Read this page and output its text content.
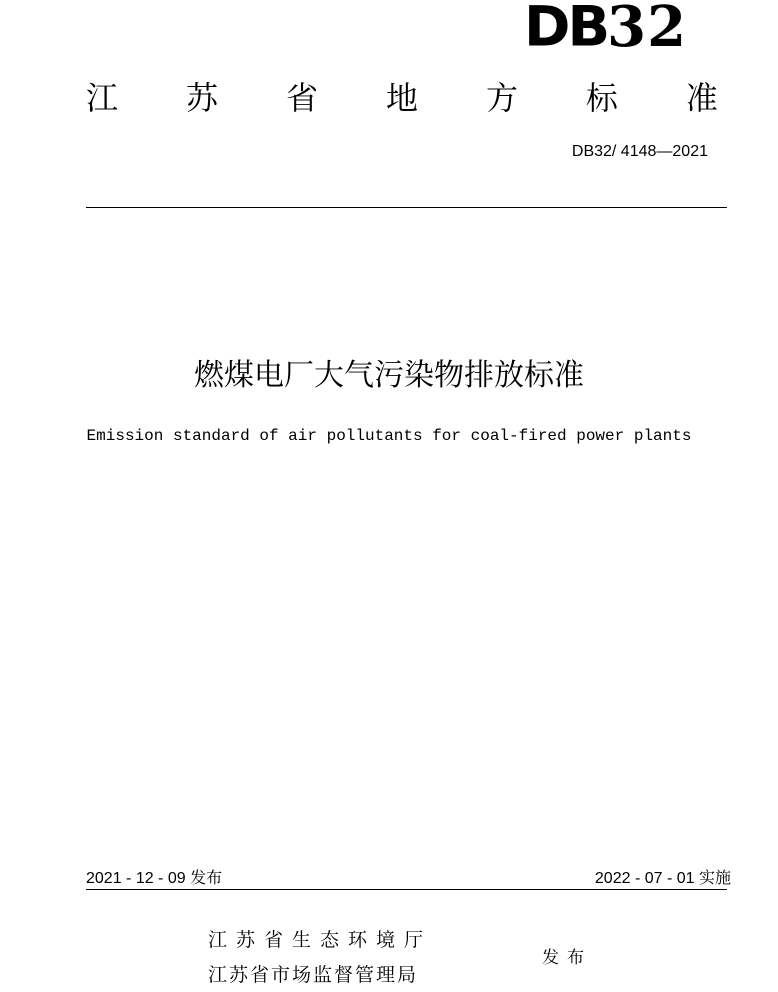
DB32
江 苏 省 地 方 标 准
DB32/ 4148—2021
燃煤电厂大气污染物排放标准
Emission standard of air pollutants for coal-fired power plants
2021 - 12 - 09 发布	2022 - 07 - 01 实施
江苏省生态环境厅
江苏省市场监督管理局
发布
